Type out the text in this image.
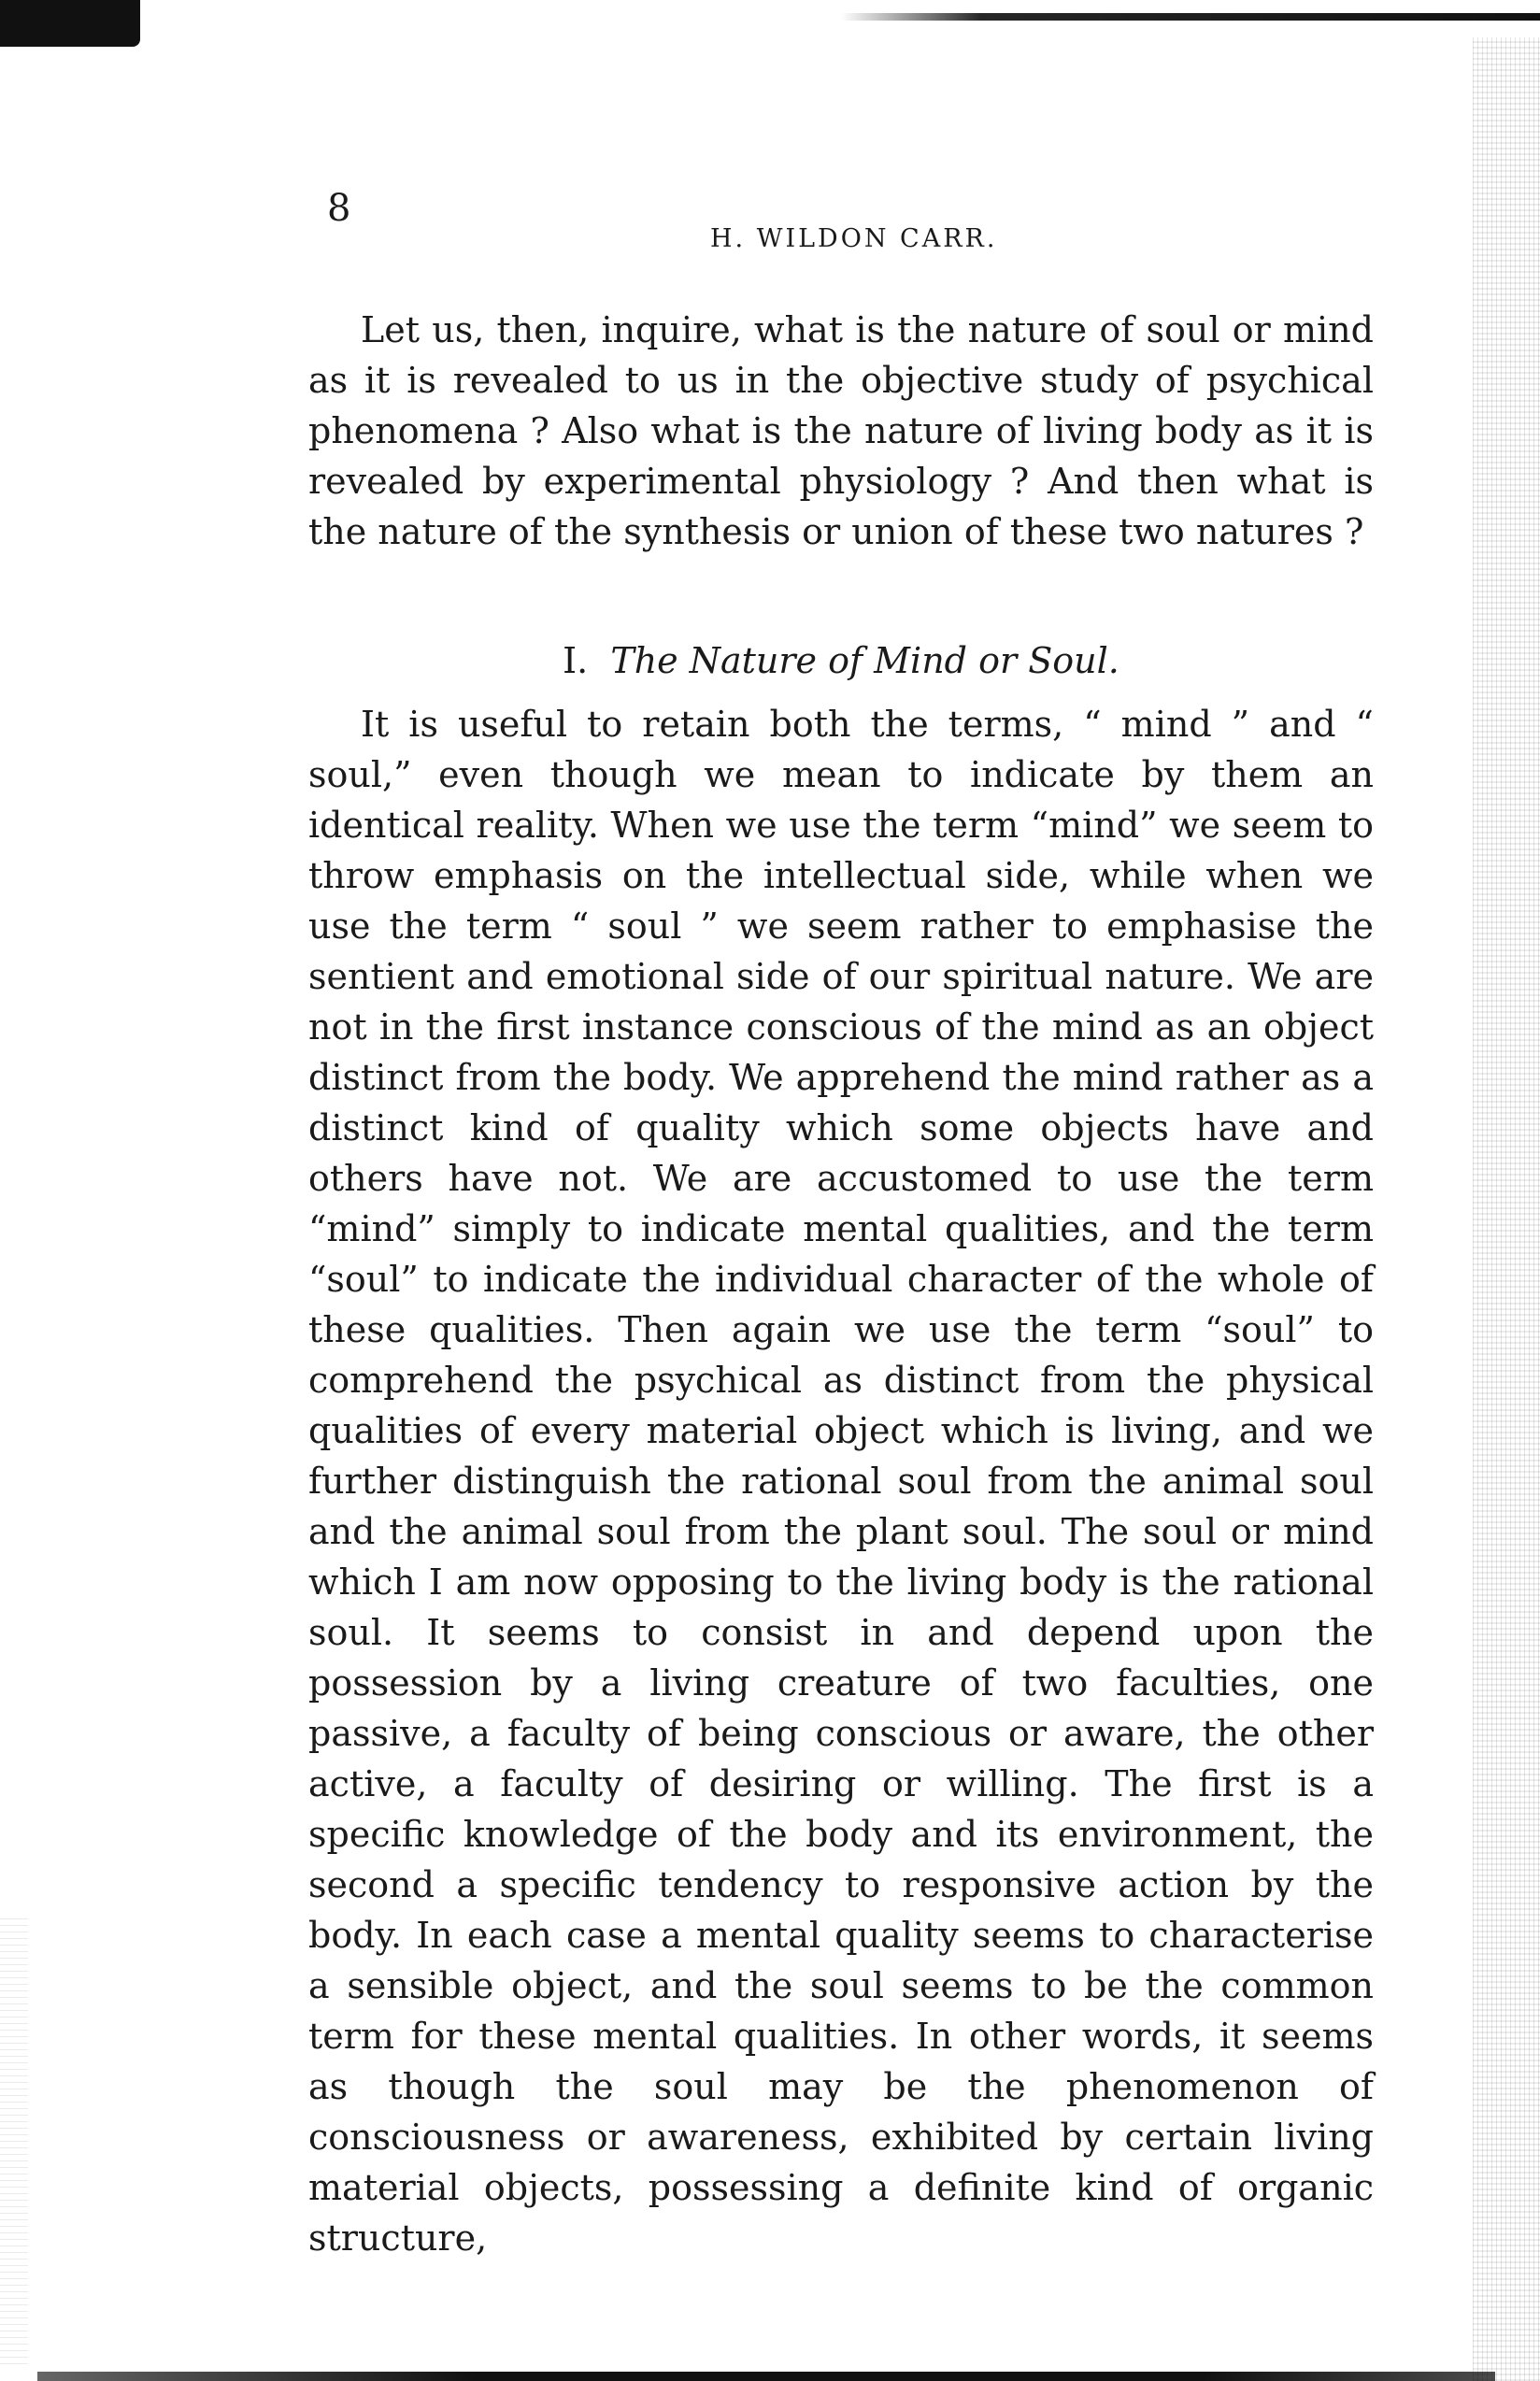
8
H. WILDON CARR.

Let us, then, inquire, what is the nature of soul or mind as it is revealed to us in the objective study of psychical phenomena ? Also what is the nature of living body as it is revealed by experimental physiology ? And then what is the nature of the synthesis or union of these two natures ?

I. The Nature of Mind or Soul.

It is useful to retain both the terms, “ mind ” and “ soul,” even though we mean to indicate by them an identical reality. When we use the term “mind” we seem to throw emphasis on the intellectual side, while when we use the term “ soul ” we seem rather to emphasise the sentient and emotional side of our spiritual nature. We are not in the first instance conscious of the mind as an object distinct from the body. We apprehend the mind rather as a distinct kind of quality which some objects have and others have not. We are accustomed to use the term “mind” simply to indicate mental qualities, and the term “soul” to indicate the individual character of the whole of these qualities. Then again we use the term “soul” to comprehend the psychical as distinct from the physical qualities of every material object which is living, and we further distinguish the rational soul from the animal soul and the animal soul from the plant soul. The soul or mind which I am now opposing to the living body is the rational soul. It seems to consist in and depend upon the possession by a living creature of two faculties, one passive, a faculty of being conscious or aware, the other active, a faculty of desiring or willing. The first is a specific knowledge of the body and its environment, the second a specific tendency to responsive action by the body. In each case a mental quality seems to characterise a sensible object, and the soul seems to be the common term for these mental qualities. In other words, it seems as though the soul may be the phenomenon of consciousness or awareness, exhibited by certain living material objects, possessing a definite kind of organic structure,
